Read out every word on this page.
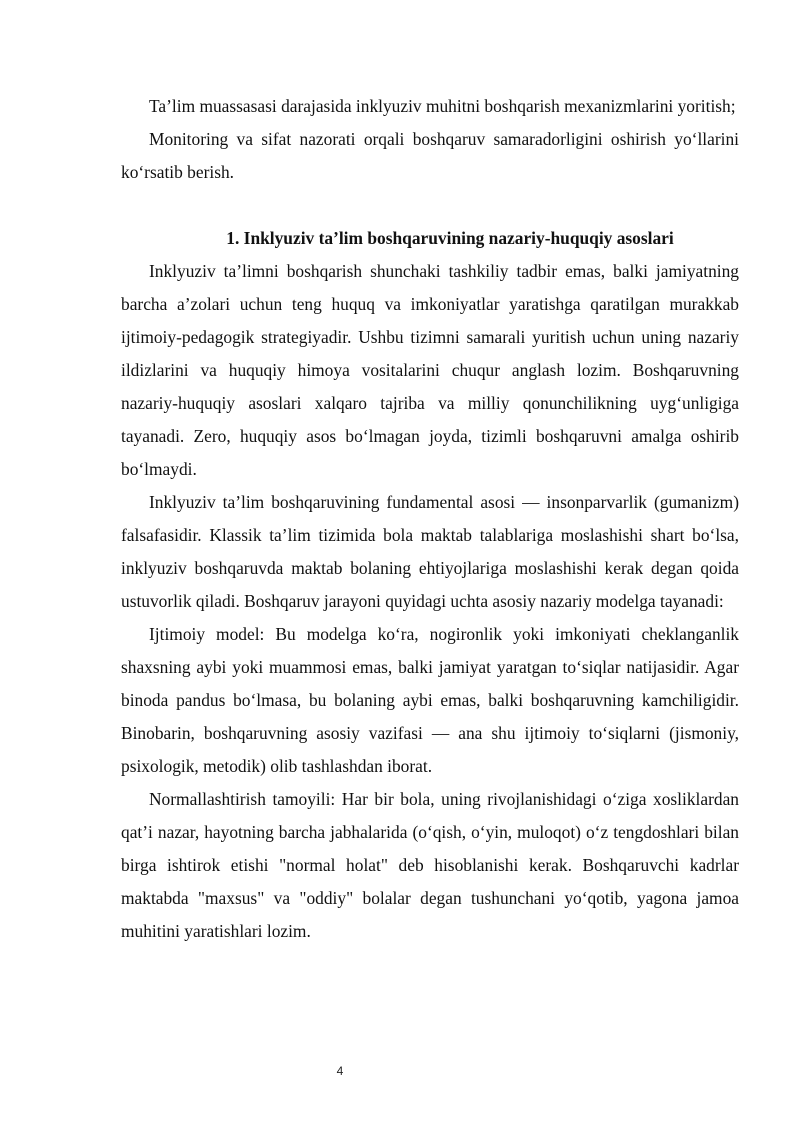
Ta’lim muassasasi darajasida inklyuziv muhitni boshqarish mexanizmlarini yoritish;

Monitoring va sifat nazorati orqali boshqaruv samaradorligini oshirish yo‘llarini ko‘rsatib berish.

1. Inklyuziv ta’lim boshqaruvining nazariy-huquqiy asoslari

Inklyuziv ta’limni boshqarish shunchaki tashkiliy tadbir emas, balki jamiyatning barcha a’zolari uchun teng huquq va imkoniyatlar yaratishga qaratilgan murakkab ijtimoiy-pedagogik strategiyadir. Ushbu tizimni samarali yuritish uchun uning nazariy ildizlarini va huquqiy himoya vositalarini chuqur anglash lozim. Boshqaruvning nazariy-huquqiy asoslari xalqaro tajriba va milliy qonunchilikning uyg‘unligiga tayanadi. Zero, huquqiy asos bo‘lmagan joyda, tizimli boshqaruvni amalga oshirib bo‘lmaydi.

Inklyuziv ta’lim boshqaruvining fundamental asosi — insonparvarlik (gumanizm) falsafasidir. Klassik ta’lim tizimida bola maktab talablariga moslashishi shart bo‘lsa, inklyuziv boshqaruvda maktab bolaning ehtiyojlariga moslashishi kerak degan qoida ustuvorlik qiladi. Boshqaruv jarayoni quyidagi uchta asosiy nazariy modelga tayanadi:

Ijtimoiy model: Bu modelga ko‘ra, nogironlik yoki imkoniyati cheklanganlik shaxsning aybi yoki muammosi emas, balki jamiyat yaratgan to‘siqlar natijasidir. Agar binoda pandus bo‘lmasa, bu bolaning aybi emas, balki boshqaruvning kamchiligidir. Binobarin, boshqaruvning asosiy vazifasi — ana shu ijtimoiy to‘siqlarni (jismoniy, psixologik, metodik) olib tashlashdan iborat.

Normallashtirish tamoyili: Har bir bola, uning rivojlanishidagi o‘ziga xosliklardan qat’i nazar, hayotning barcha jabhalarida (o‘qish, o‘yin, muloqot) o‘z tengdoshlari bilan birga ishtirok etishi "normal holat" deb hisoblanishi kerak. Boshqaruvchi kadrlar maktabda "maxsus" va "oddiy" bolalar degan tushunchani yo‘qotib, yagona jamoa muhitini yaratishlari lozim.

4
